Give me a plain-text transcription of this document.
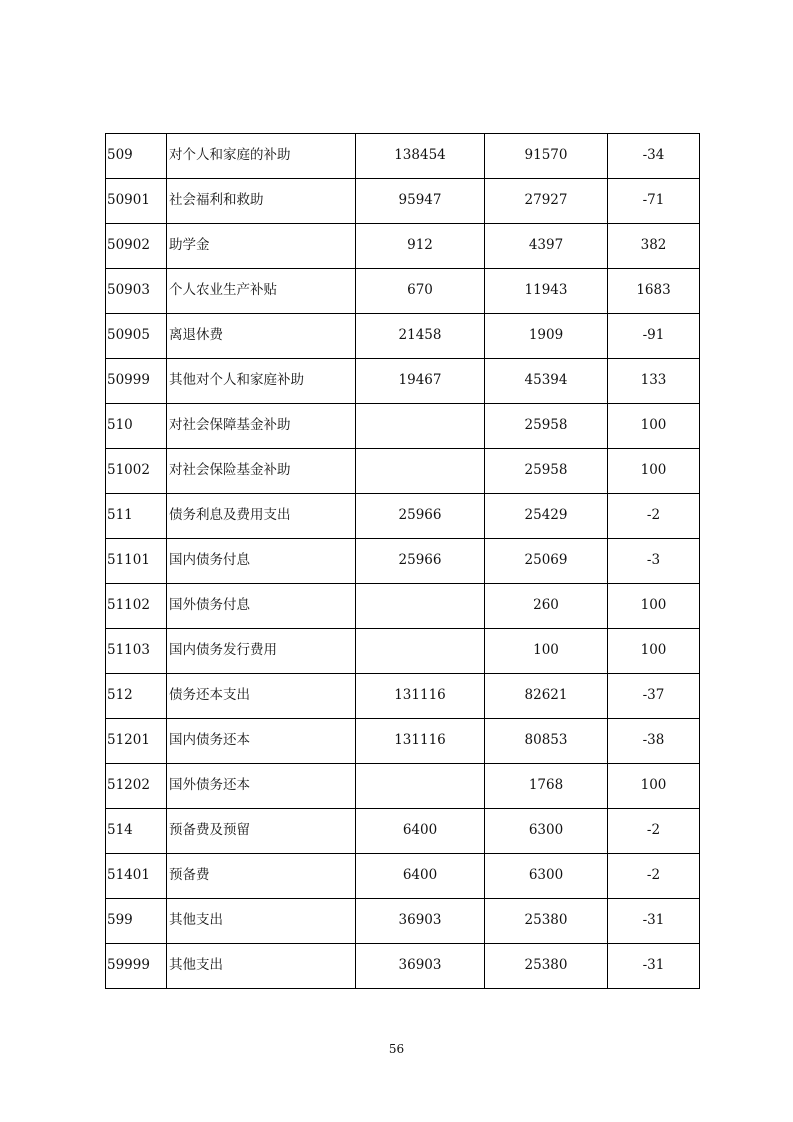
509	对个人和家庭的补助	138454	91570	-34
50901	社会福利和救助	95947	27927	-71
50902	助学金	912	4397	382
50903	个人农业生产补贴	670	11943	1683
50905	离退休费	21458	1909	-91
50999	其他对个人和家庭补助	19467	45394	133
510	对社会保障基金补助		25958	100
51002	对社会保险基金补助		25958	100
511	债务利息及费用支出	25966	25429	-2
51101	国内债务付息	25966	25069	-3
51102	国外债务付息		260	100
51103	国内债务发行费用		100	100
512	债务还本支出	131116	82621	-37
51201	国内债务还本	131116	80853	-38
51202	国外债务还本		1768	100
514	预备费及预留	6400	6300	-2
51401	预备费	6400	6300	-2
599	其他支出	36903	25380	-31
59999	其他支出	36903	25380	-31
56
